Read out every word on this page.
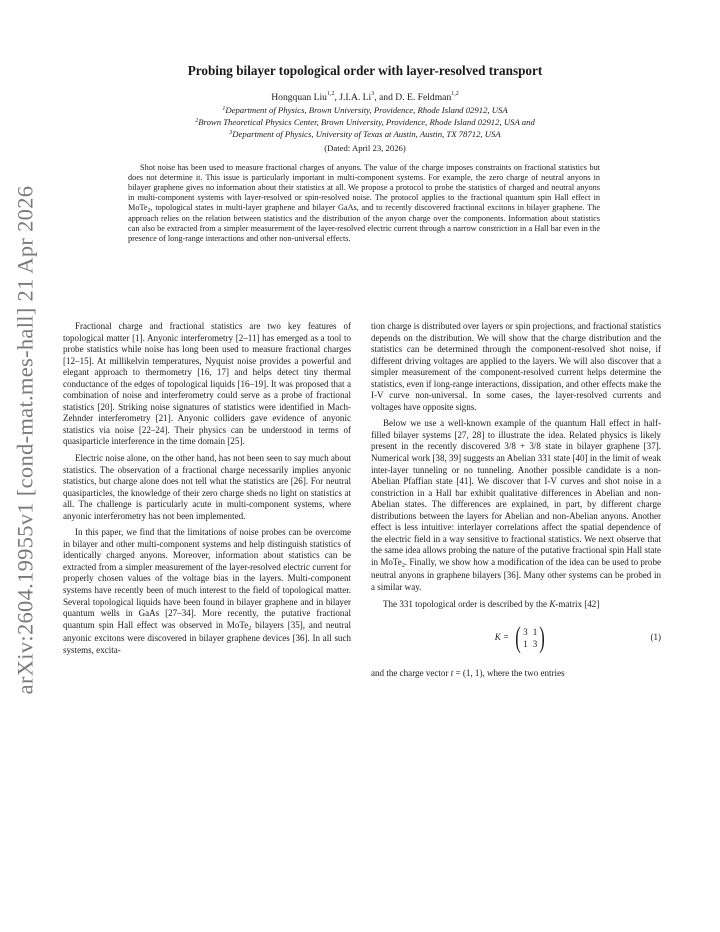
arXiv:2604.19955v1 [cond-mat.mes-hall] 21 Apr 2026
Probing bilayer topological order with layer-resolved transport
Hongquan Liu$^{1,2}$, J.I.A. Li$^3$, and D. E. Feldman$^{1,2}$
$^1$Department of Physics, Brown University, Providence, Rhode Island 02912, USA
$^2$Brown Theoretical Physics Center, Brown University, Providence, Rhode Island 02912, USA and
$^3$Department of Physics, University of Texas at Austin, Austin, TX 78712, USA
(Dated: April 23, 2026)
Shot noise has been used to measure fractional charges of anyons. The value of the charge imposes constraints on fractional statistics but does not determine it. This issue is particularly important in multi-component systems. For example, the zero charge of neutral anyons in bilayer graphene gives no information about their statistics at all. We propose a protocol to probe the statistics of charged and neutral anyons in multi-component systems with layer-resolved or spin-resolved noise. The protocol applies to the fractional quantum spin Hall effect in MoTe$_2$, topological states in multi-layer graphene and bilayer GaAs, and to recently discovered fractional excitons in bilayer graphene. The approach relies on the relation between statistics and the distribution of the anyon charge over the components. Information about statistics can also be extracted from a simpler measurement of the layer-resolved electric current through a narrow constriction in a Hall bar even in the presence of long-range interactions and other non-universal effects.

Fractional charge and fractional statistics are two key features of topological matter [1]. Anyonic interferometry [2–11] has emerged as a tool to probe statistics while noise has long been used to measure fractional charges [12–15]. At millikelvin temperatures, Nyquist noise provides a powerful and elegant approach to thermometry [16, 17] and helps detect tiny thermal conductance of the edges of topological liquids [16–19]. It was proposed that a combination of noise and interferometry could serve as a probe of fractional statistics [20]. Striking noise signatures of statistics were identified in Mach-Zehnder interferometry [21]. Anyonic colliders gave evidence of anyonic statistics via noise [22–24]. Their physics can be understood in terms of quasiparticle interference in the time domain [25].

Electric noise alone, on the other hand, has not been seen to say much about statistics. The observation of a fractional charge necessarily implies anyonic statistics, but charge alone does not tell what the statistics are [26]. For neutral quasiparticles, the knowledge of their zero charge sheds no light on statistics at all. The challenge is particularly acute in multi-component systems, where anyonic interferometry has not been implemented.

In this paper, we find that the limitations of noise probes can be overcome in bilayer and other multi-component systems and help distinguish statistics of identically charged anyons. Moreover, information about statistics can be extracted from a simpler measurement of the layer-resolved electric current for properly chosen values of the voltage bias in the layers. Multi-component systems have recently been of much interest to the field of topological matter. Several topological liquids have been found in bilayer graphene and in bilayer quantum wells in GaAs [27–34]. More recently, the putative fractional quantum spin Hall effect was observed in MoTe$_2$ bilayers [35], and neutral anyonic excitons were discovered in bilayer graphene devices [36]. In all such systems, excita-

tion charge is distributed over layers or spin projections, and fractional statistics depends on the distribution. We will show that the charge distribution and the statistics can be determined through the component-resolved shot noise, if different driving voltages are applied to the layers. We will also discover that a simpler measurement of the component-resolved current helps determine the statistics, even if long-range interactions, dissipation, and other effects make the I-V curve non-universal. In some cases, the layer-resolved currents and voltages have opposite signs.

Below we use a well-known example of the quantum Hall effect in half-filled bilayer systems [27, 28] to illustrate the idea. Related physics is likely present in the recently discovered 3/8 + 3/8 state in bilayer graphene [37]. Numerical work [38, 39] suggests an Abelian 331 state [40] in the limit of weak inter-layer tunneling or no tunneling. Another possible candidate is a non-Abelian Pfaffian state [41]. We discover that I-V curves and shot noise in a constriction in a Hall bar exhibit qualitative differences in Abelian and non-Abelian states. The differences are explained, in part, by different charge distributions between the layers for Abelian and non-Abelian anyons. Another effect is less intuitive: interlayer correlations affect the spatial dependence of the electric field in a way sensitive to fractional statistics. We next observe that the same idea allows probing the nature of the putative fractional spin Hall state in MoTe$_2$. Finally, we show how a modification of the idea can be used to probe neutral anyons in graphene bilayers [36]. Many other systems can be probed in a similar way.

The 331 topological order is described by the K-matrix [42]

K = ( 3 1
1 3 )	(1)

and the charge vector t = (1, 1), where the two entries
